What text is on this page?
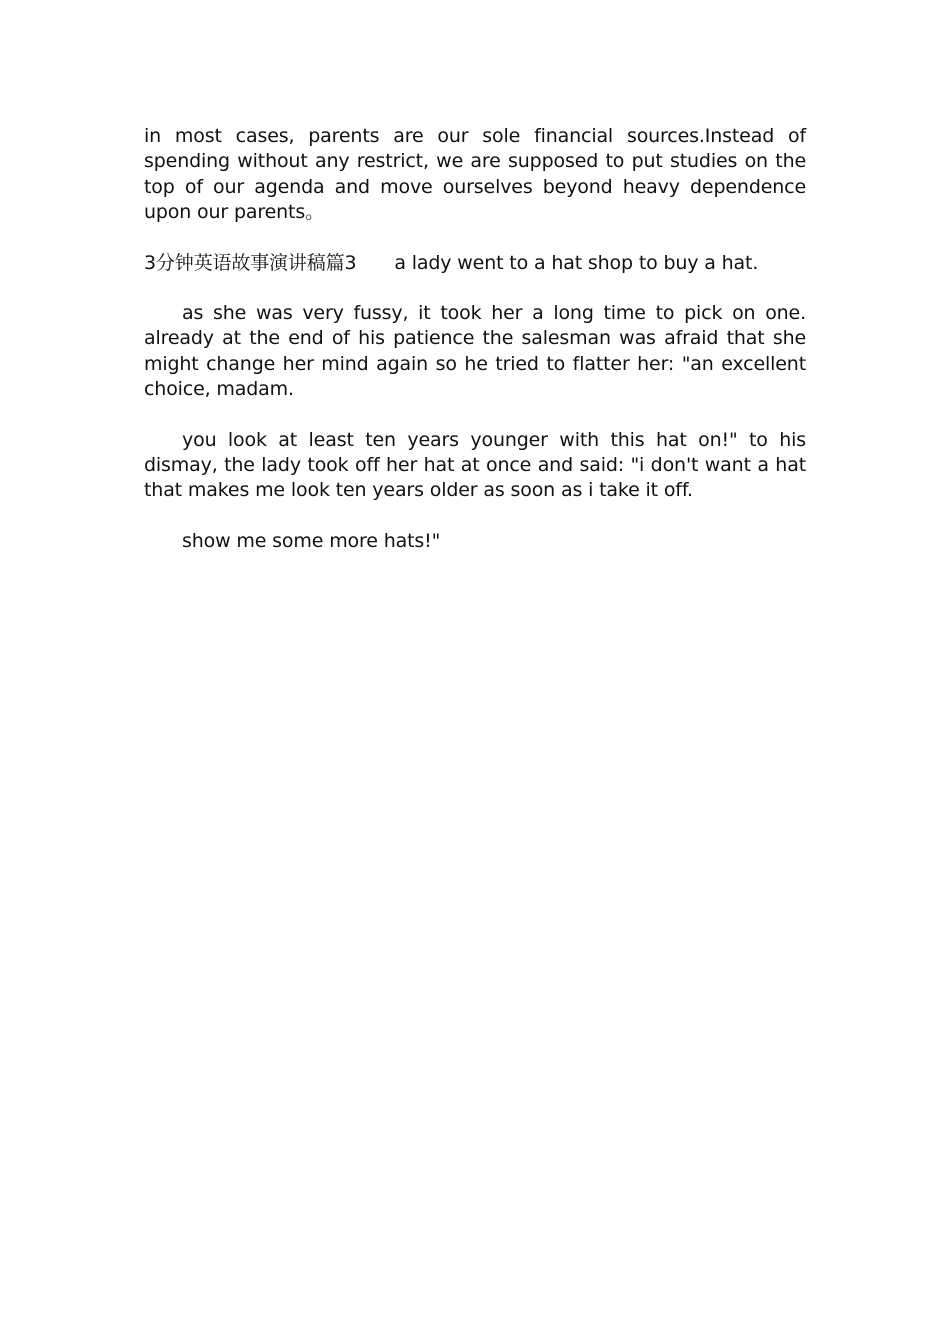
in most cases, parents are our sole financial sources.Instead of spending without any restrict, we are supposed to put studies on the top of our agenda and move ourselves beyond heavy dependence upon our parents。

3分钟英语故事演讲稿篇3 a lady went to a hat shop to buy a hat.

as she was very fussy, it took her a long time to pick on one. already at the end of his patience the salesman was afraid that she might change her mind again so he tried to flatter her: "an excellent choice, madam.

you look at least ten years younger with this hat on!" to his dismay, the lady took off her hat at once and said: "i don't want a hat that makes me look ten years older as soon as i take it off.

show me some more hats!"
